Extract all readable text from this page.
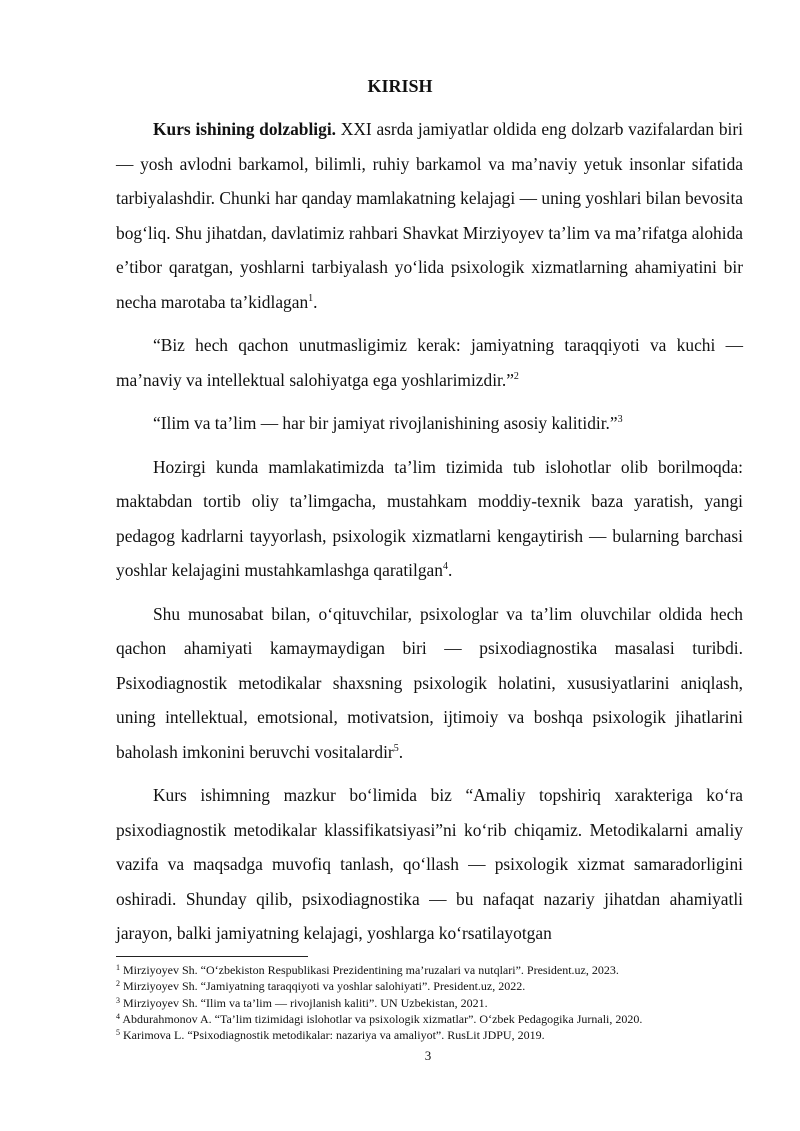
KIRISH

Kurs ishining dolzabligi. XXI asrda jamiyatlar oldida eng dolzarb vazifalardan biri — yosh avlodni barkamol, bilimli, ruhiy barkamol va ma’naviy yetuk insonlar sifatida tarbiyalashdir. Chunki har qanday mamlakatning kelajagi — uning yoshlari bilan bevosita bog‘liq. Shu jihatdan, davlatimiz rahbari Shavkat Mirziyoyev ta’lim va ma’rifatga alohida e’tibor qaratgan, yoshlarni tarbiyalash yo‘lida psixologik xizmatlarning ahamiyatini bir necha marotaba ta’kidlagan$^1$.

“Biz hech qachon unutmasligimiz kerak: jamiyatning taraqqiyoti va kuchi — ma’naviy va intellektual salohiyatga ega yoshlarimizdir.”$^2$

“Ilim va ta’lim — har bir jamiyat rivojlanishining asosiy kalitidir.”$^3$

Hozirgi kunda mamlakatimizda ta’lim tizimida tub islohotlar olib borilmoqda: maktabdan tortib oliy ta’limgacha, mustahkam moddiy-texnik baza yaratish, yangi pedagog kadrlarni tayyorlash, psixologik xizmatlarni kengaytirish — bularning barchasi yoshlar kelajagini mustahkamlashga qaratilgan$^4$.

Shu munosabat bilan, o‘qituvchilar, psixologlar va ta’lim oluvchilar oldida hech qachon ahamiyati kamaymaydigan biri — psixodiagnostika masalasi turibdi. Psixodiagnostik metodikalar shaxsning psixologik holatini, xususiyatlarini aniqlash, uning intellektual, emotsional, motivatsion, ijtimoiy va boshqa psixologik jihatlarini baholash imkonini beruvchi vositalardir$^5$.

Kurs ishimning mazkur bo‘limida biz “Amaliy topshiriq xarakteriga ko‘ra psixodiagnostik metodikalar klassifikatsiyasi”ni ko‘rib chiqamiz. Metodikalarni amaliy vazifa va maqsadga muvofiq tanlash, qo‘llash — psixologik xizmat samaradorligini oshiradi. Shunday qilib, psixodiagnostika — bu nafaqat nazariy jihatdan ahamiyatli jarayon, balki jamiyatning kelajagi, yoshlarga ko‘rsatilayotgan

$^1$ Mirziyoyev Sh. “O‘zbekiston Respublikasi Prezidentining ma’ruzalari va nutqlari”. President.uz, 2023.
$^2$ Mirziyoyev Sh. “Jamiyatning taraqqiyoti va yoshlar salohiyati”. President.uz, 2022.
$^3$ Mirziyoyev Sh. “Ilim va ta’lim — rivojlanish kaliti”. UN Uzbekistan, 2021.
$^4$ Abdurahmonov A. “Ta’lim tizimidagi islohotlar va psixologik xizmatlar”. O‘zbek Pedagogika Jurnali, 2020.
$^5$ Karimova L. “Psixodiagnostik metodikalar: nazariya va amaliyot”. RusLit JDPU, 2019.
3
